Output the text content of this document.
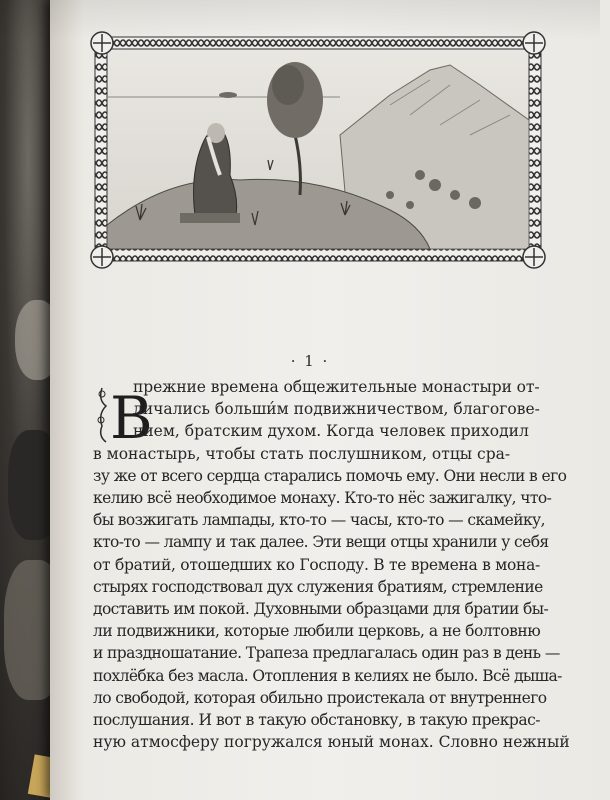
· 1 ·
В
прежние времена общежительные монастыри от-
личались больши́м подвижничеством, благогове-
нием, братским духом. Когда человек приходил
в монастырь, чтобы стать послушником, отцы сра-
зу же от всего сердца старались помочь ему. Они несли в его
келию всё необходимое монаху. Кто-то нёс зажигалку, что-
бы возжигать лампады, кто-то — часы, кто-то — скамейку,
кто-то — лампу и так далее. Эти вещи отцы хранили у себя
от братий, отошедших ко Господу. В те времена в мона-
стырях господствовал дух служения братиям, стремление
доставить им покой. Духовными образцами для братии бы-
ли подвижники, которые любили церковь, а не болтовню
и праздношатание. Трапеза предлагалась один раз в день —
похлёбка без масла. Отопления в келиях не было. Всё дыша-
ло свободой, которая обильно проистекала от внутреннего
послушания. И вот в такую обстановку, в такую прекрас-
ную атмосферу погружался юный монах. Словно нежный
